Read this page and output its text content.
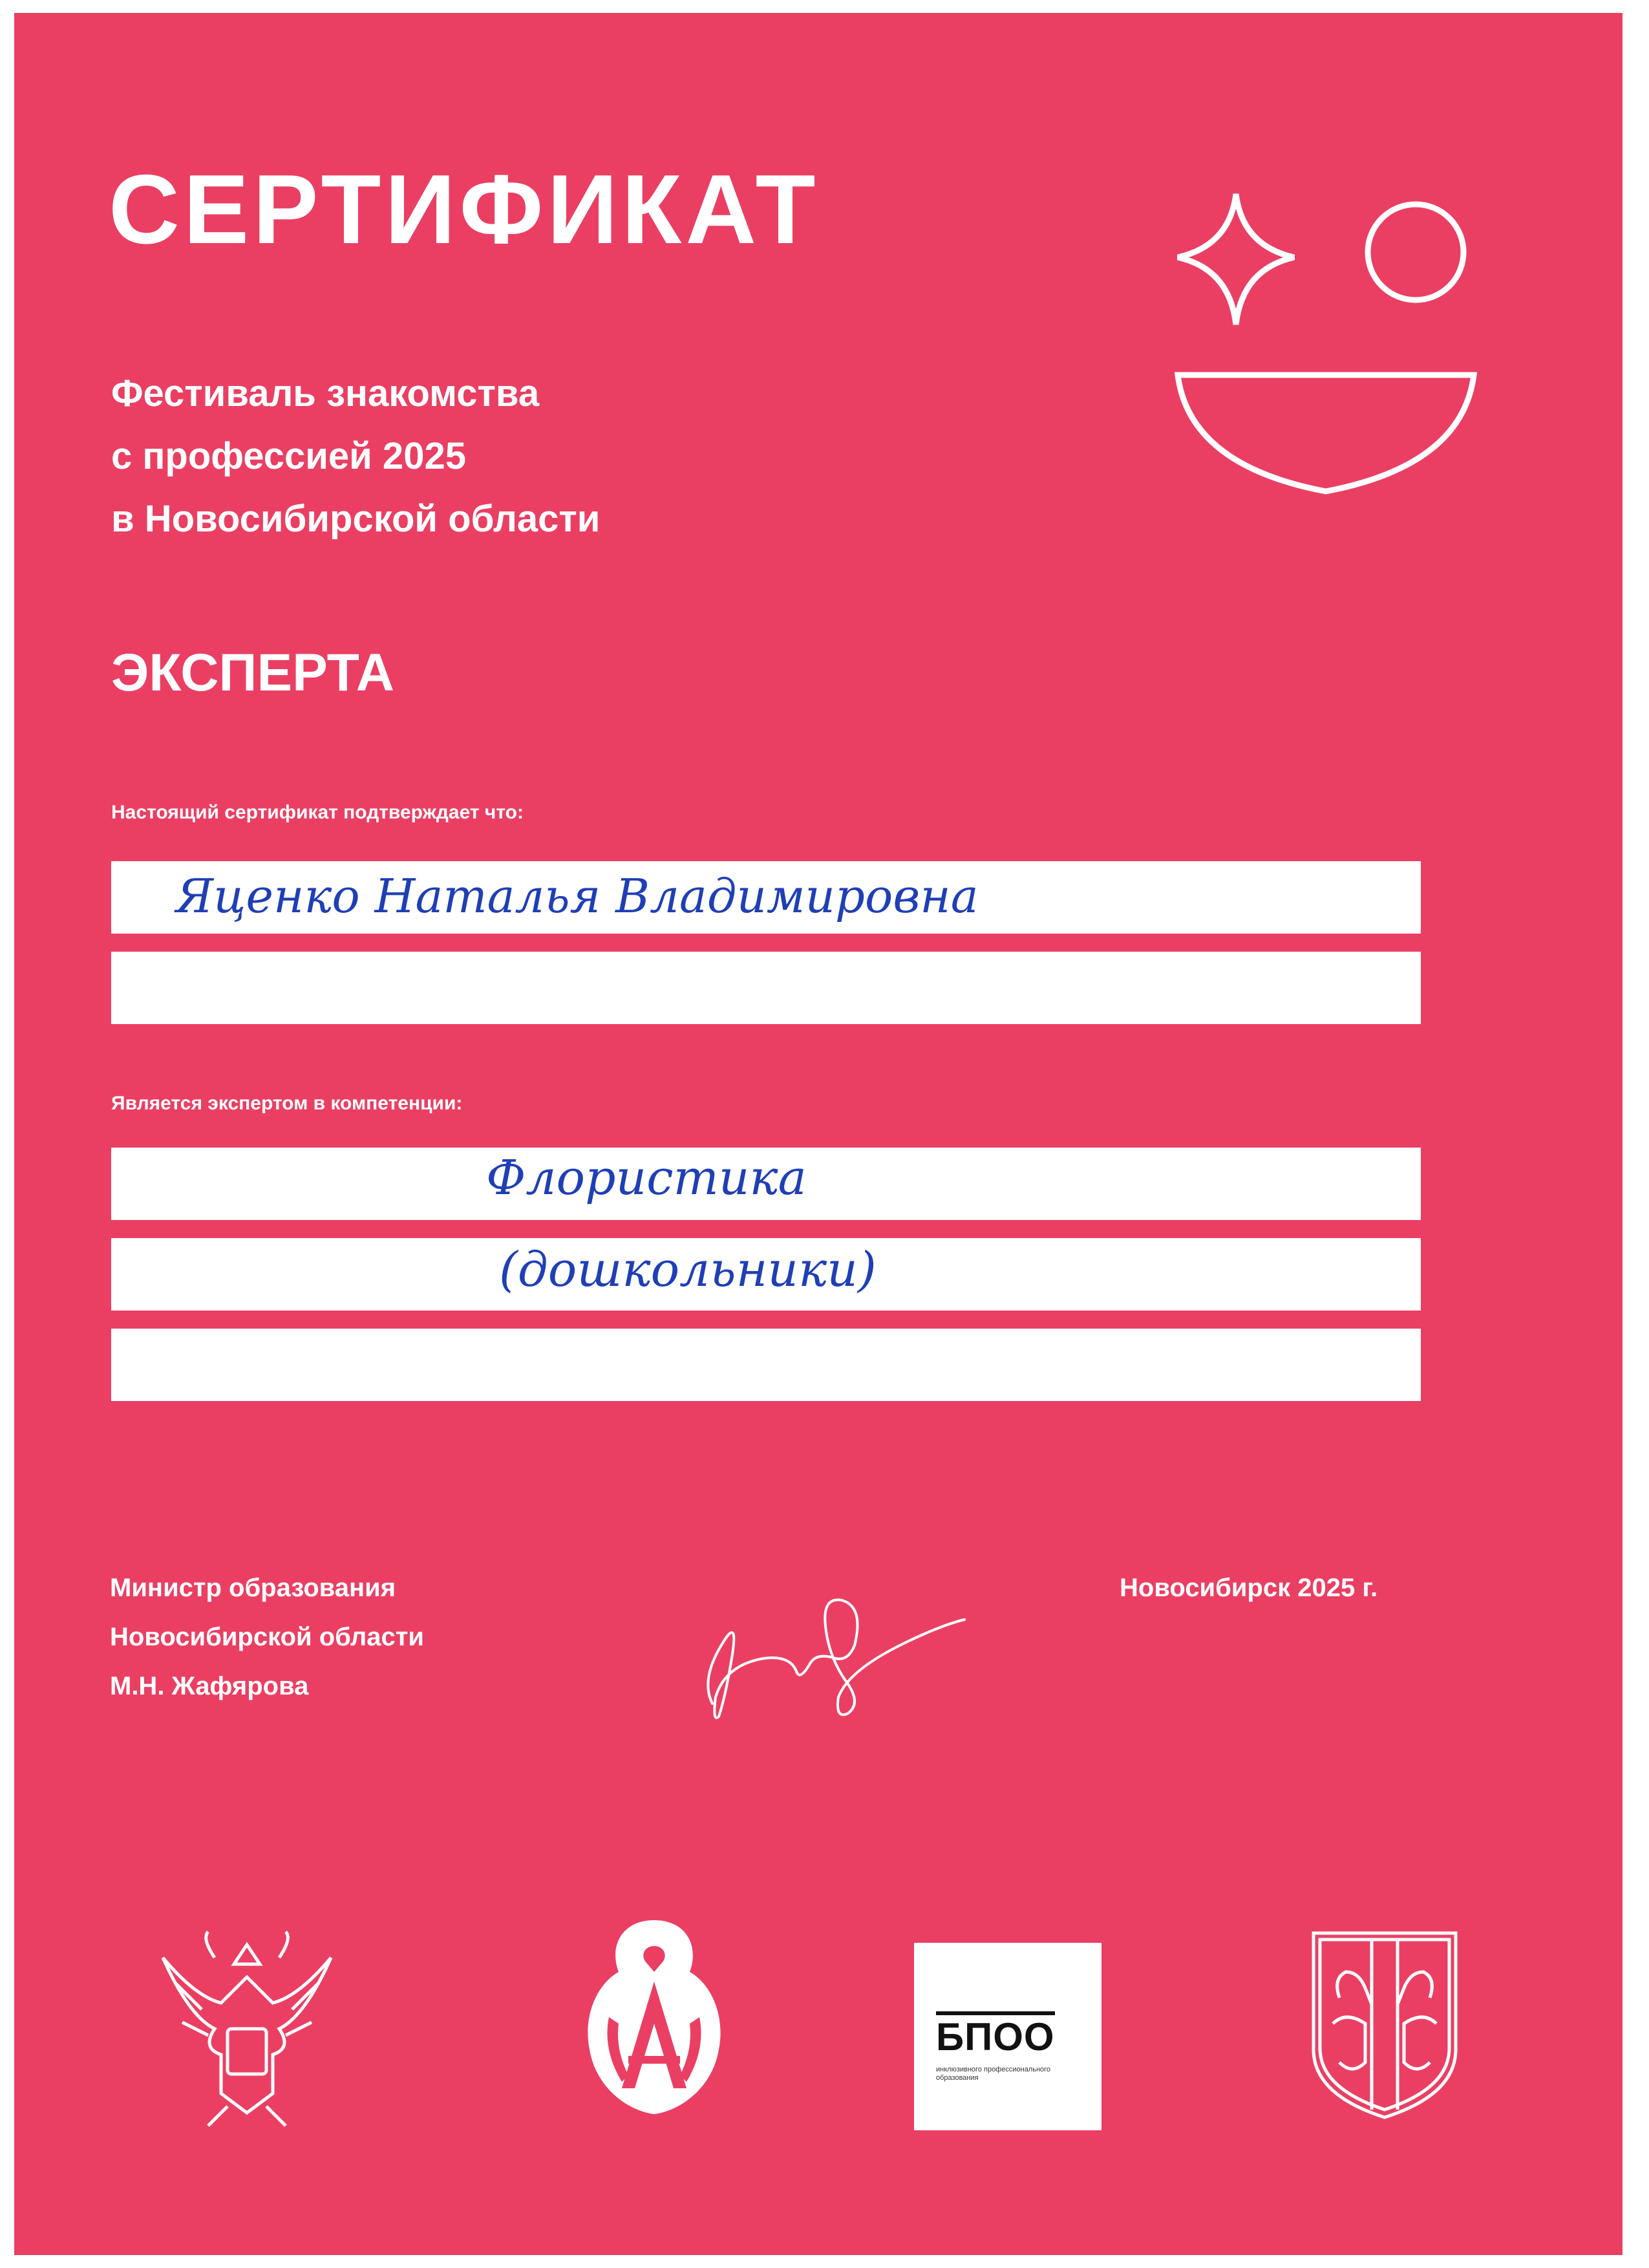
СЕРТИФИКАТ
Фестиваль знакомства
с профессией 2025
в Новосибирской области
ЭКСПЕРТА
Настоящий сертификат подтверждает что:
Яценко Наталья Владимировна
Является экспертом в компетенции:
Флористика
(дошкольники)
Министр образования
Новосибирской области
М.Н. Жафярова
Новосибирск 2025 г.
БПОО
инклюзивного профессионального образования
